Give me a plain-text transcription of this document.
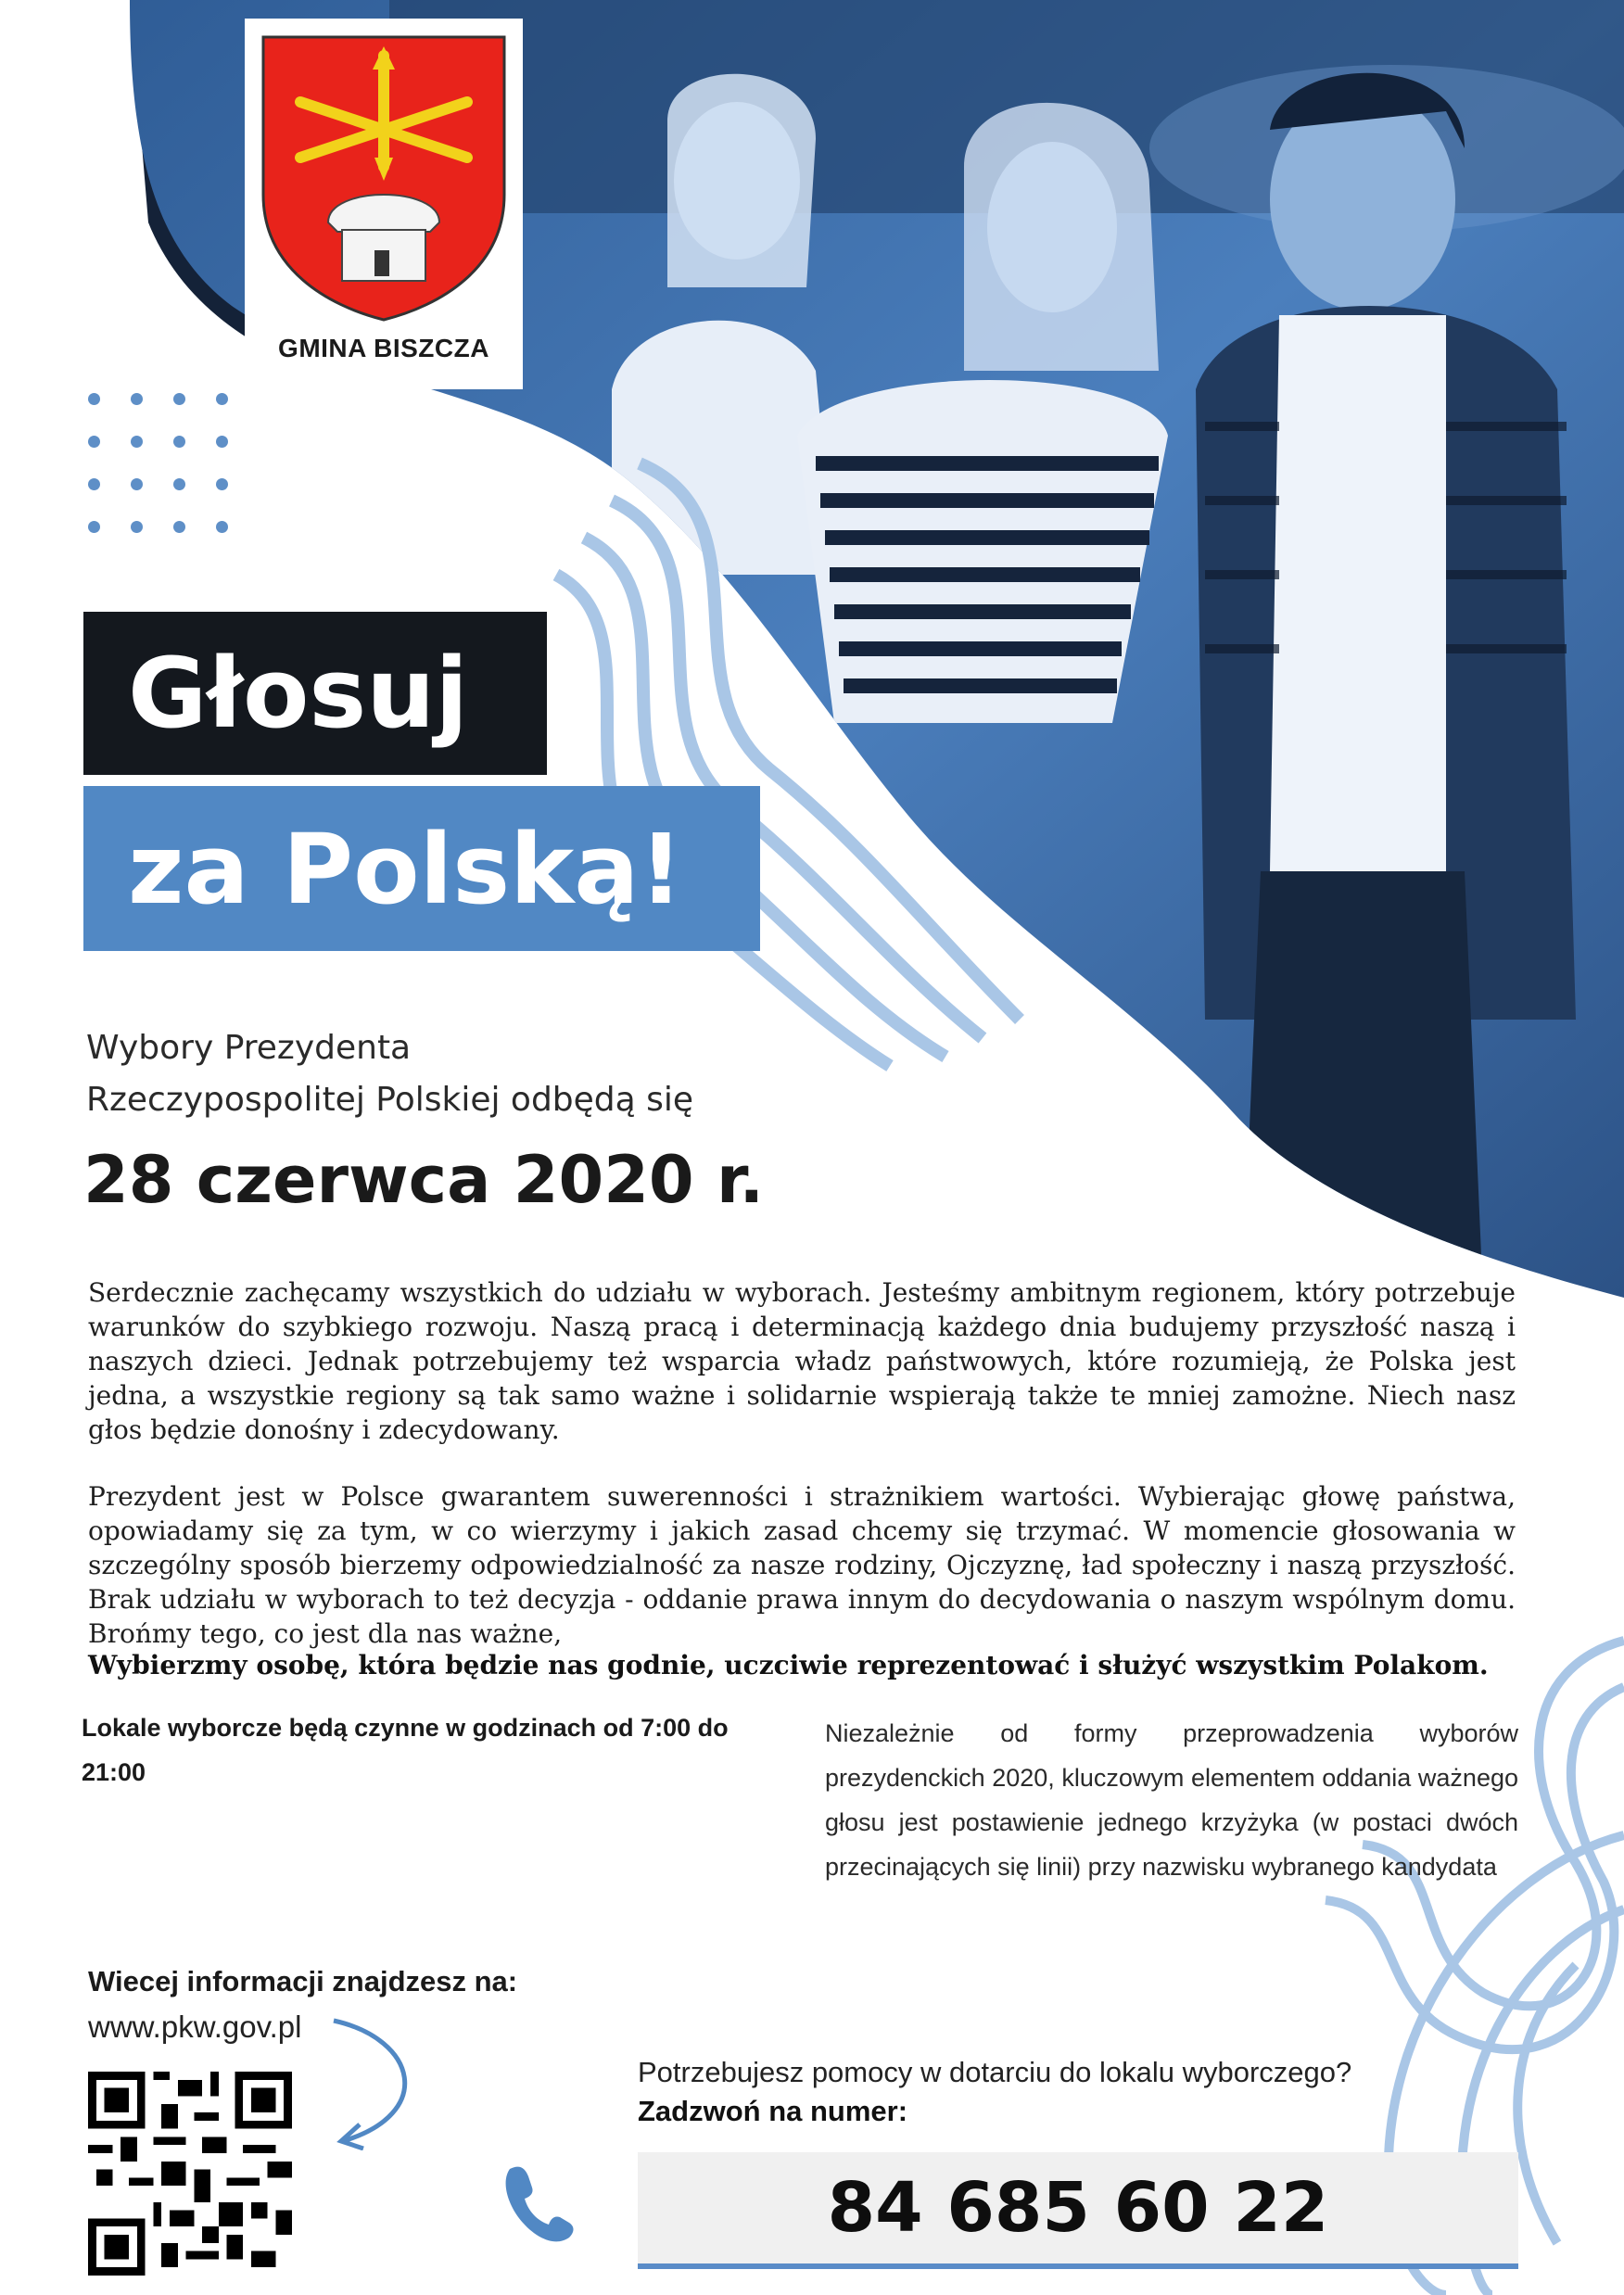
GMINA BISZCZA
Głosuj
za Polską!
Wybory Prezydenta
Rzeczypospolitej Polskiej odbędą się
28 czerwca 2020 r.
Serdecznie zachęcamy wszystkich do udziału w wyborach. Jesteśmy ambitnym regionem, który potrzebuje warunków do szybkiego rozwoju. Naszą pracą i determinacją każdego dnia budujemy przyszłość naszą i naszych dzieci. Jednak potrzebujemy też wsparcia władz państwowych, które rozumieją, że Polska jest jedna, a wszystkie regiony są tak samo ważne i solidarnie wspierają także te mniej zamożne. Niech nasz głos będzie donośny i zdecydowany.
Prezydent jest w Polsce gwarantem suwerenności i strażnikiem wartości. Wybierając głowę państwa, opowiadamy się za tym, w co wierzymy i jakich zasad chcemy się trzymać. W momencie głosowania w szczególny sposób bierzemy odpowiedzialność za nasze rodziny, Ojczyznę, ład społeczny i naszą przyszłość. Brak udziału w wyborach to też decyzja - oddanie prawa innym do decydowania o naszym wspólnym domu. Brońmy tego, co jest dla nas ważne,
Wybierzmy osobę, która będzie nas godnie, uczciwie reprezentować i służyć wszystkim Polakom.
Lokale wyborcze będą czynne w godzinach od 7:00 do 21:00
Niezależnie od formy przeprowadzenia wyborów prezydenckich 2020, kluczowym elementem oddania ważnego głosu jest postawienie jednego krzyżyka (w postaci dwóch przecinających się linii) przy nazwisku wybranego kandydata
Wiecej informacji znajdzesz na:
www.pkw.gov.pl
Potrzebujesz pomocy w dotarciu do lokalu wyborczego?
Zadzwoń na numer:
84 685 60 22
